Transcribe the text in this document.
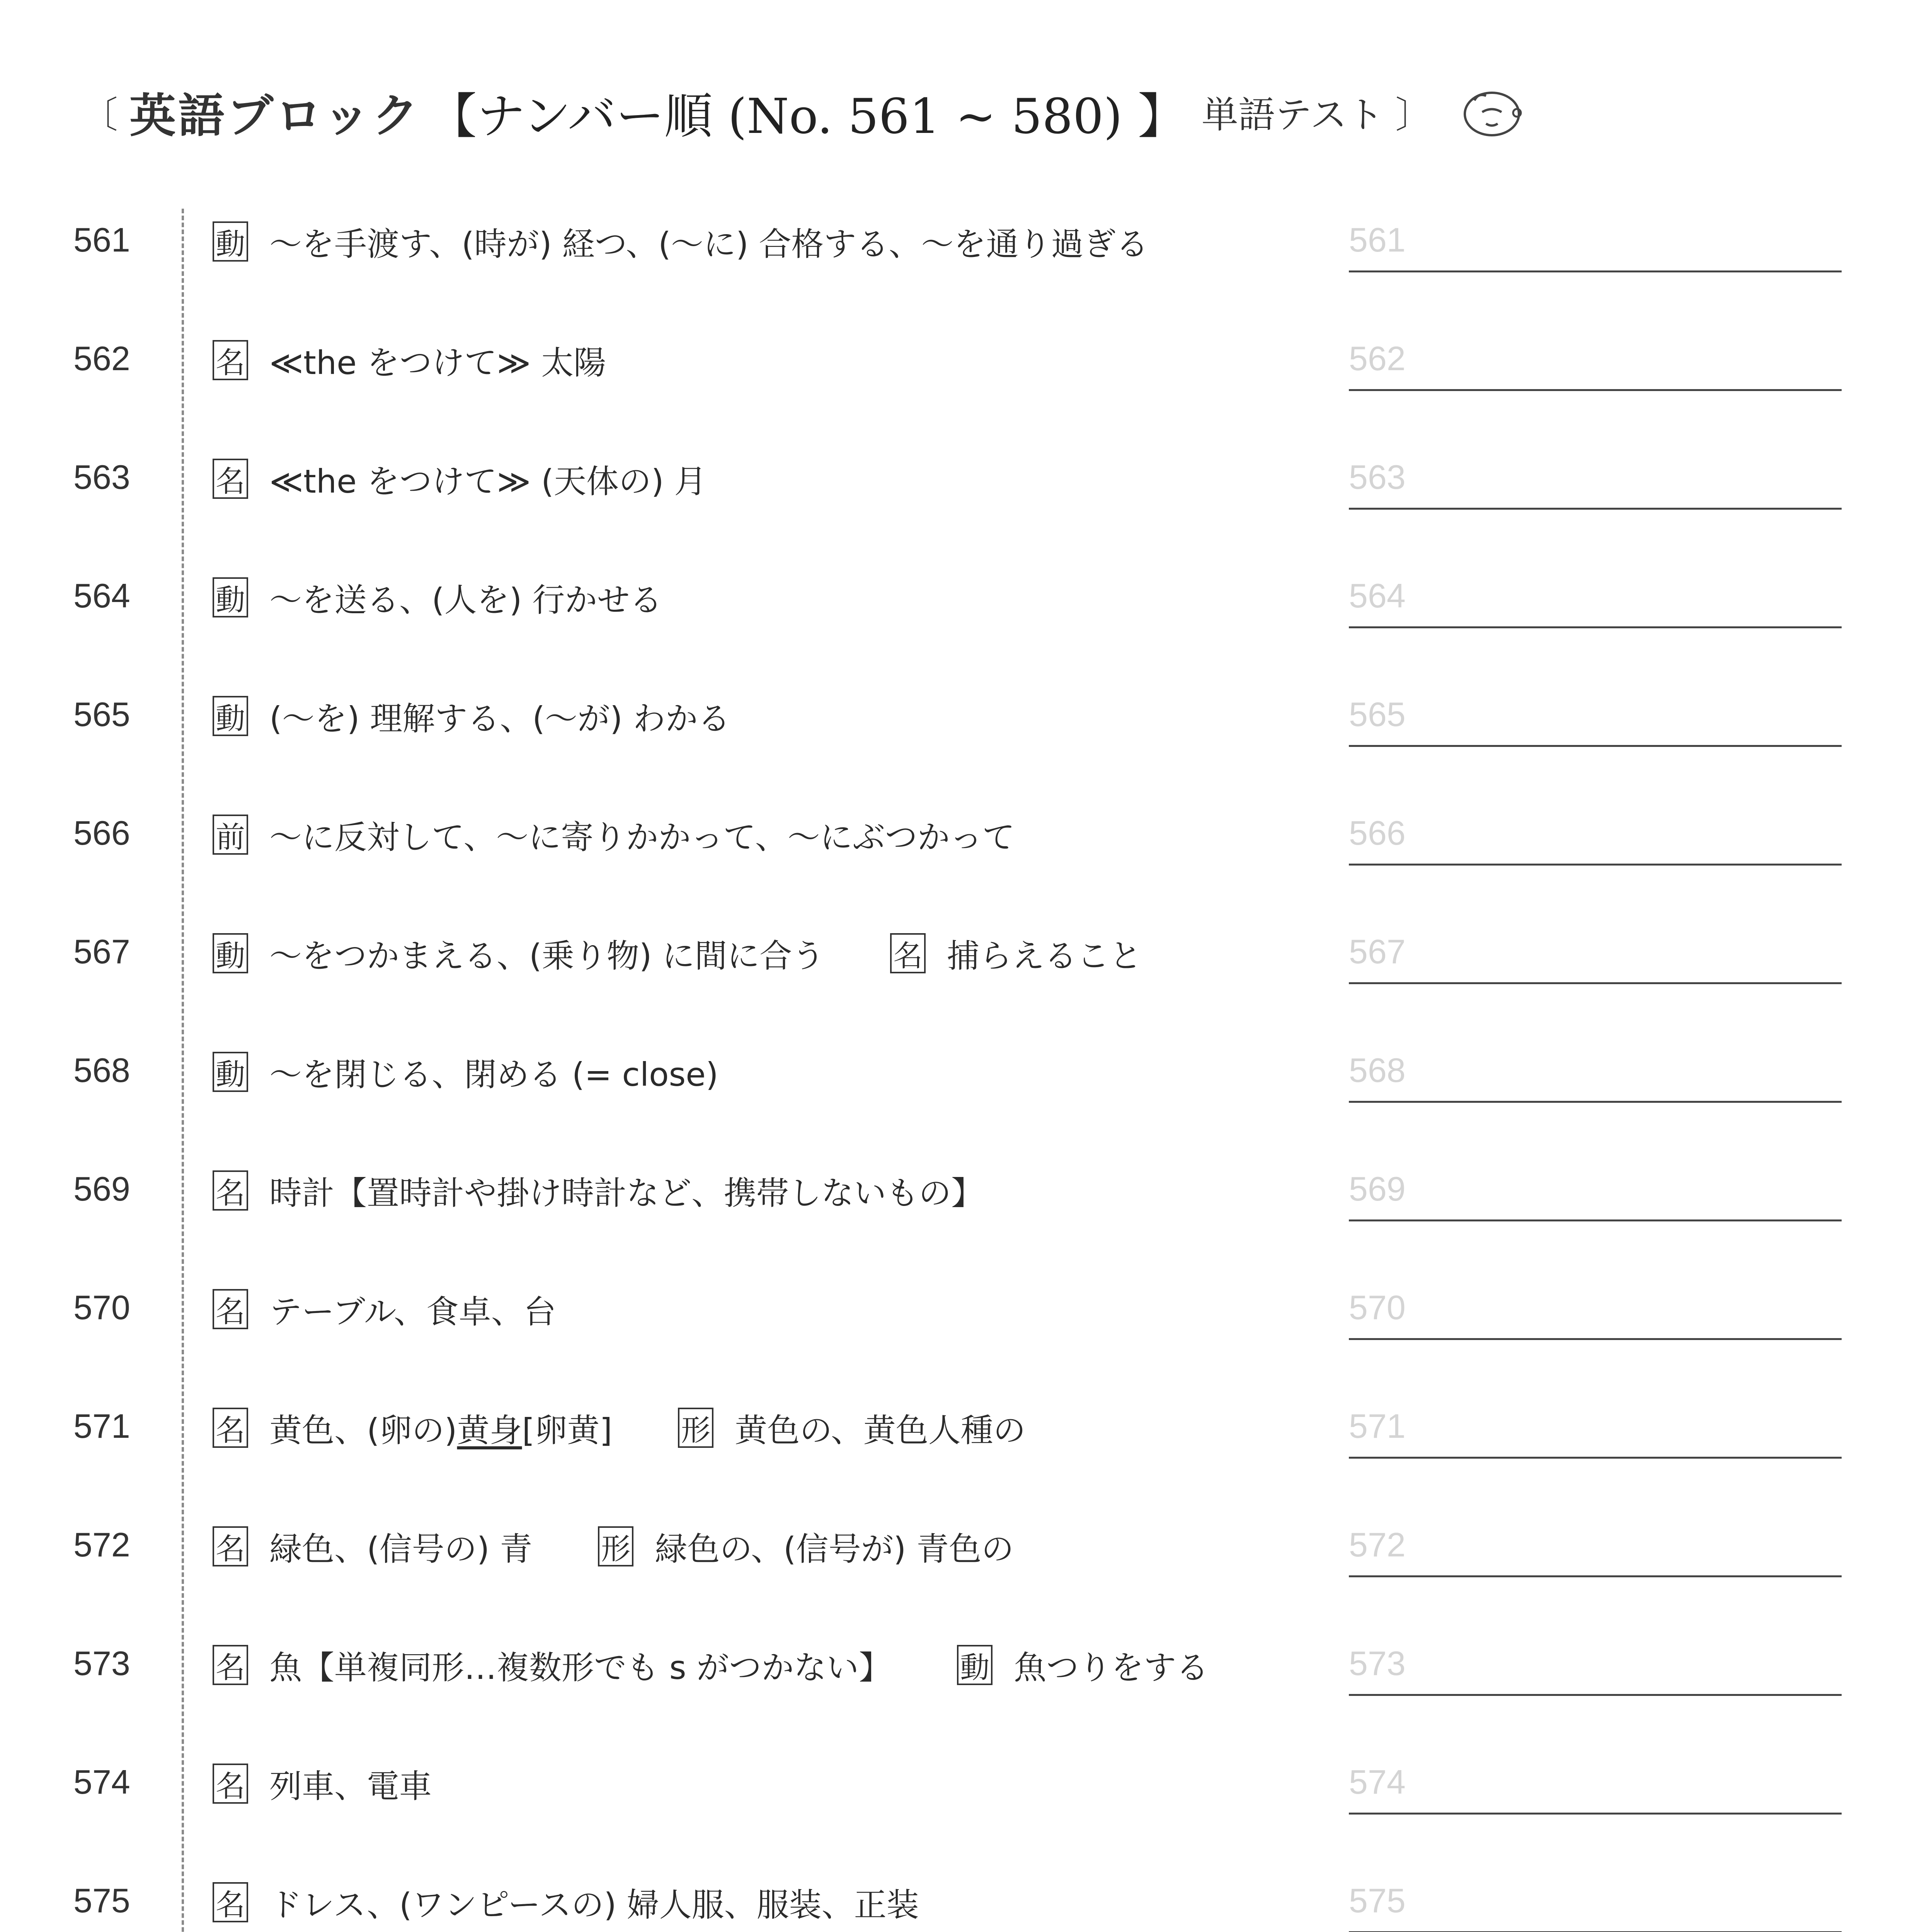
〔 英語ブロック 【ナンバー順 (No. 561 ~ 580) 】 単語テスト 〕
561	動 〜を手渡す、(時が) 経つ、(〜に) 合格する、〜を通り過ぎる	561
562	名 ≪the をつけて≫ 太陽	562
563	名 ≪the をつけて≫ (天体の) 月	563
564	動 〜を送る、(人を) 行かせる	564
565	動 (〜を) 理解する、(〜が) わかる	565
566	前 〜に反対して、〜に寄りかかって、〜にぶつかって	566
567	動 〜をつかまえる、(乗り物) に間に合う 名 捕らえること	567
568	動 〜を閉じる、閉める (= close)	568
569	名 時計【置時計や掛け時計など、携帯しないもの】	569
570	名 テーブル、食卓、台	570
571	名 黄色、(卵の) 黄身 [卵黄] 形 黄色の、黄色人種の	571
572	名 緑色、(信号の) 青 形 緑色の、(信号が) 青色の	572
573	名 魚【単複同形…複数形でも s がつかない】 動 魚つりをする	573
574	名 列車、電車	574
575	名 ドレス、(ワンピースの) 婦人服、服装、正装	575
